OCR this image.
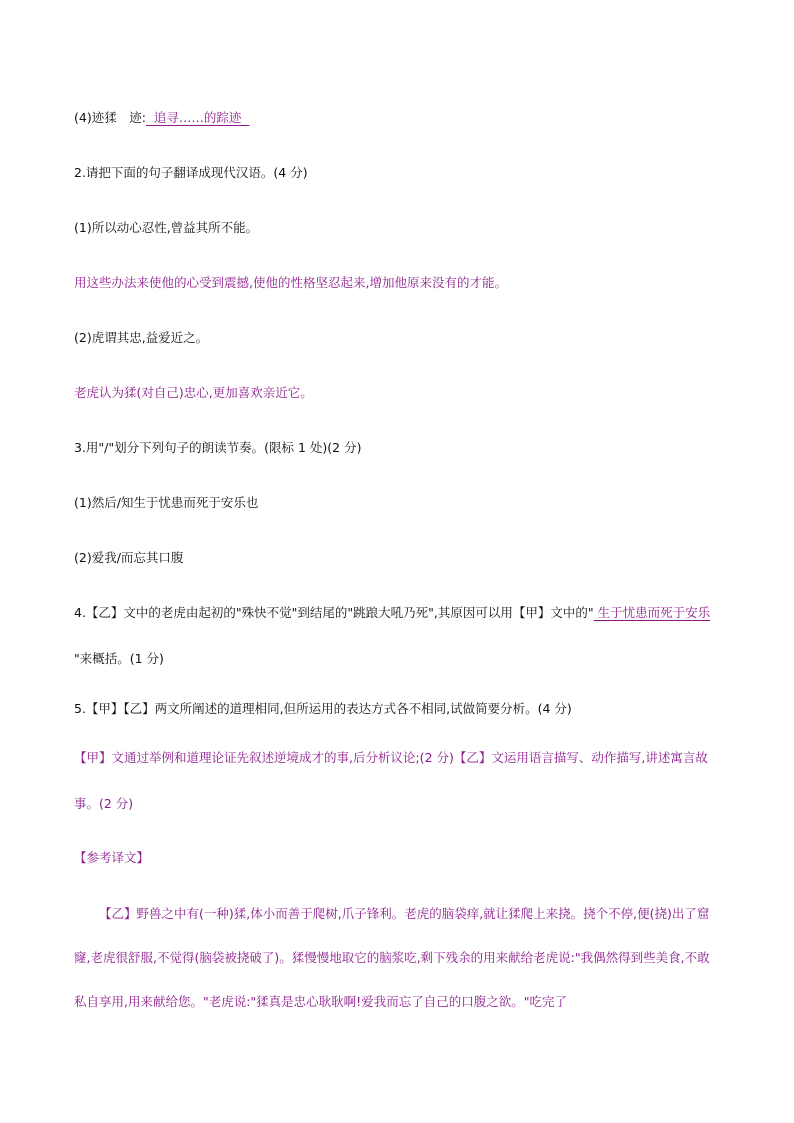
(4)迹猱　迹:  追寻……的踪迹
2.请把下面的句子翻译成现代汉语。(4 分)
(1)所以动心忍性,曾益其所不能。
用这些办法来使他的心受到震撼,使他的性格坚忍起来,增加他原来没有的才能。
(2)虎谓其忠,益爱近之。
老虎认为猱(对自己)忠心,更加喜欢亲近它。
3.用"/"划分下列句子的朗读节奏。(限标 1 处)(2 分)
(1)然后/知生于忧患而死于安乐也
(2)爱我/而忘其口腹
4.【乙】文中的老虎由起初的"殊快不觉"到结尾的"跳踉大吼乃死",其原因可以用【甲】文中的" 生于忧患而死于安乐 "来概括。(1 分)
5.【甲】【乙】两文所阐述的道理相同,但所运用的表达方式各不相同,试做简要分析。(4 分)
【甲】文通过举例和道理论证先叙述逆境成才的事,后分析议论;(2 分)【乙】文运用语言描写、动作描写,讲述寓言故事。(2 分)
【参考译文】
【乙】野兽之中有(一种)猱,体小而善于爬树,爪子锋利。老虎的脑袋痒,就让猱爬上来挠。挠个不停,便(挠)出了窟窿,老虎很舒服,不觉得(脑袋被挠破了)。猱慢慢地取它的脑浆吃,剩下残余的用来献给老虎说:"我偶然得到些美食,不敢私自享用,用来献给您。"老虎说:"猱真是忠心耿耿啊!爱我而忘了自己的口腹之欲。"吃完了
